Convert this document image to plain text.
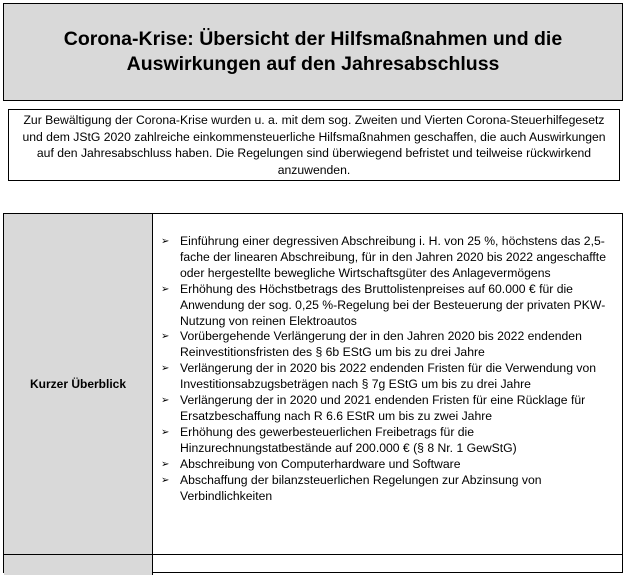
Corona-Krise: Übersicht der Hilfsmaßnahmen und die Auswirkungen auf den Jahresabschluss

Zur Bewältigung der Corona-Krise wurden u. a. mit dem sog. Zweiten und Vierten Corona-Steuerhilfegesetz und dem JStG 2020 zahlreiche einkommensteuerliche Hilfsmaßnahmen geschaffen, die auch Auswirkungen auf den Jahresabschluss haben. Die Regelungen sind überwiegend befristet und teilweise rückwirkend anzuwenden.

Kurzer Überblick
➢ Einführung einer degressiven Abschreibung i. H. von 25 %, höchstens das 2,5-fache der linearen Abschreibung, für in den Jahren 2020 bis 2022 angeschaffte oder hergestellte bewegliche Wirtschaftsgüter des Anlagevermögens
➢ Erhöhung des Höchstbetrags des Bruttolistenpreises auf 60.000 € für die Anwendung der sog. 0,25 %-Regelung bei der Besteuerung der privaten PKW-Nutzung von reinen Elektroautos
➢ Vorübergehende Verlängerung der in den Jahren 2020 bis 2022 endenden Reinvestitionsfristen des § 6b EStG um bis zu drei Jahre
➢ Verlängerung der in 2020 bis 2022 endenden Fristen für die Verwendung von Investitionsabzugsbeträgen nach § 7g EStG um bis zu drei Jahre
➢ Verlängerung der in 2020 und 2021 endenden Fristen für eine Rücklage für Ersatzbeschaffung nach R 6.6 EStR um bis zu zwei Jahre
➢ Erhöhung des gewerbesteuerlichen Freibetrags für die Hinzurechnungstatbestände auf 200.000 € (§ 8 Nr. 1 GewStG)
➢ Abschreibung von Computerhardware und Software
➢ Abschaffung der bilanzsteuerlichen Regelungen zur Abzinsung von Verbindlichkeiten
